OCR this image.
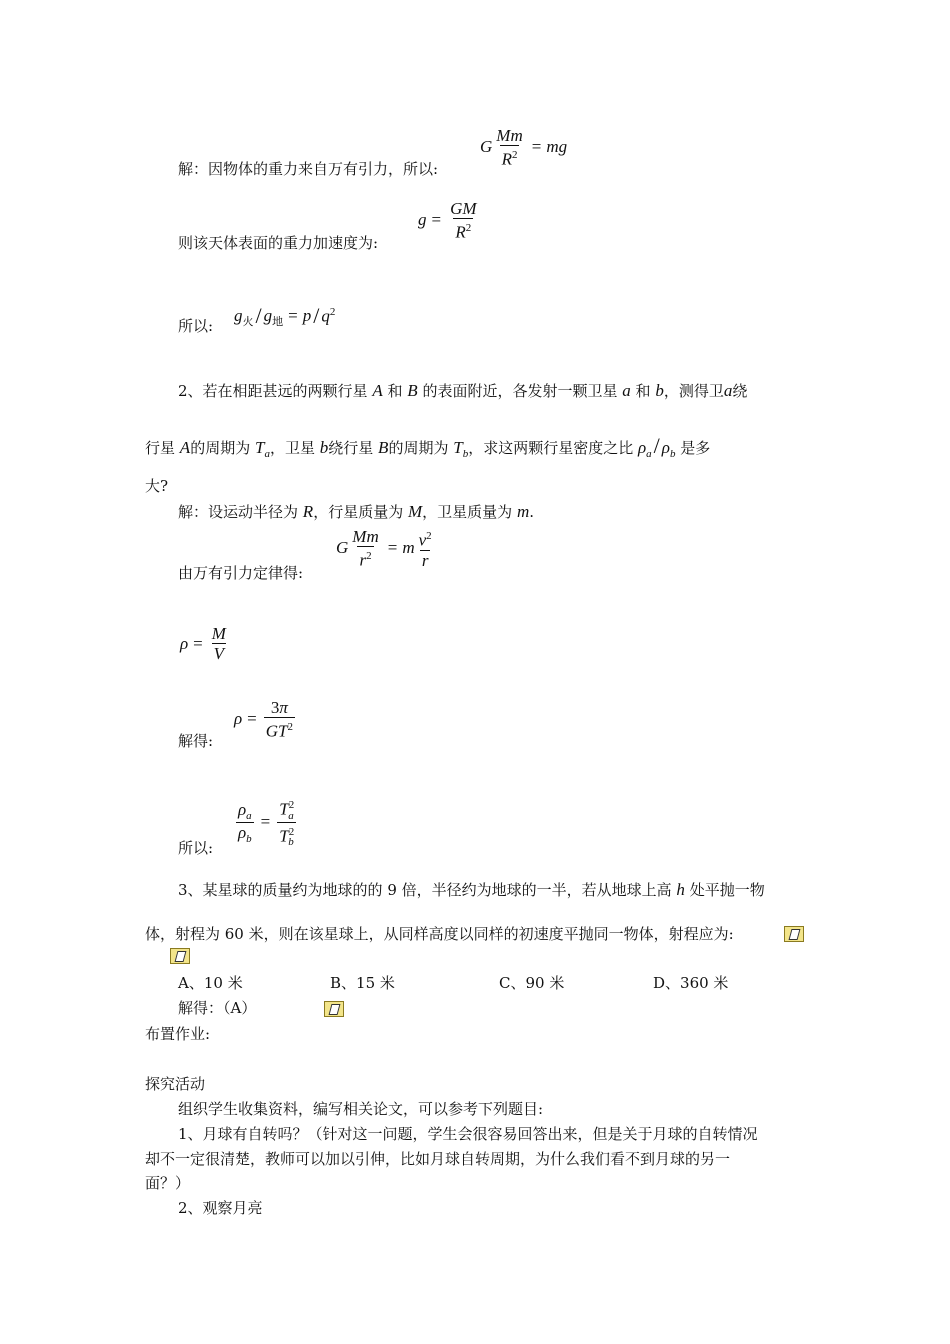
解：因物体的重力来自万有引力，所以:
G $\frac{Mm}{R^2}$ = mg
则该天体表面的重力加速度为:
$g = \frac{GM}{R^2}$
所以:
$g_火 / g_地 = p / q^2$
2、若在相距甚远的两颗行星 A 和 B 的表面附近，各发射一颗卫星 a 和 b，测得卫a绕
行星 A的周期为 $T_a$，卫星 b绕行星 B的周期为 $T_b$，求这两颗行星密度之比 $\rho_a/$ $\rho_b$ 是多
大?
解：设运动半径为 R，行星质量为 M，卫星质量为 m.
由万有引力定律得:
G $\frac{Mm}{r^2} = m \frac{v^2}{r}$
$\rho = \frac{M}{V}$
解得:
$\rho = \frac{3\pi}{GT^2}$
所以:
$\frac{\rho_a}{\rho_b} = \frac{T^2_a}{T^2_b}$
3、某星球的质量约为地球的的 9 倍，半径约为地球的一半，若从地球上高 h 处平抛一物
体，射程为 60 米，则在该星球上，从同样高度以同样的初速度平抛同一物体，射程应为:

A、10 米	B、15 米	C、90 米	D、360 米
解得：（A）
布置作业:
探究活动
组织学生收集资料，编写相关论文，可以参考下列题目:
1、月球有自转吗？（针对这一问题，学生会很容易回答出来，但是关于月球的自转情况
却不一定很清楚，教师可以加以引伸，比如月球自转周期，为什么我们看不到月球的另一
面？）
2、观察月亮
